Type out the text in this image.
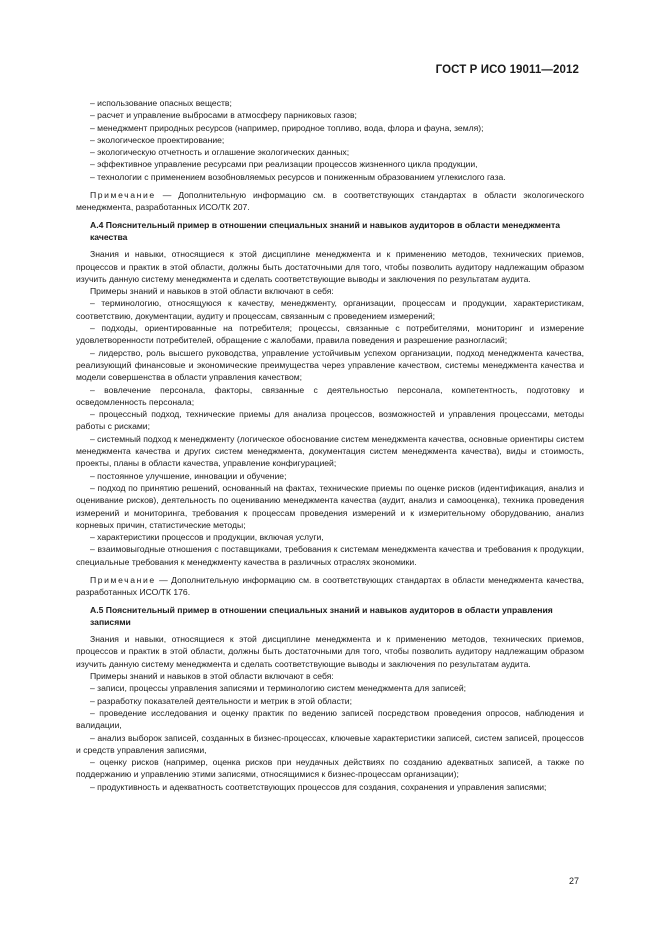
ГОСТ Р ИСО 19011—2012

– использование опасных веществ;

– расчет и управление выбросами в атмосферу парниковых газов;

– менеджмент природных ресурсов (например, природное топливо, вода, флора и фауна, земля);

– экологическое проектирование;

– экологическую отчетность и оглашение экологических данных;

– эффективное управление ресурсами при реализации процессов жизненного цикла продукции,

– технологии с применением возобновляемых ресурсов и пониженным образованием углекислого газа.

Примечание — Дополнительную информацию см. в соответствующих стандартах в области экологического менеджмента, разработанных ИСО/ТК 207.

А.4 Пояснительный пример в отношении специальных знаний и навыков аудиторов в области менеджмента качества

Знания и навыки, относящиеся к этой дисциплине менеджмента и к применению методов, технических приемов, процессов и практик в этой области, должны быть достаточными для того, чтобы позволить аудитору надлежащим образом изучить данную систему менеджмента и сделать соответствующие выводы и заключения по результатам аудита.

Примеры знаний и навыков в этой области включают в себя:

– терминологию, относящуюся к качеству, менеджменту, организации, процессам и продукции, характеристикам, соответствию, документации, аудиту и процессам, связанным с проведением измерений;

– подходы, ориентированные на потребителя; процессы, связанные с потребителями, мониторинг и измерение удовлетворенности потребителей, обращение с жалобами, правила поведения и разрешение разногласий;

– лидерство, роль высшего руководства, управление устойчивым успехом организации, подход менеджмента качества, реализующий финансовые и экономические преимущества через управление качеством, системы менеджмента качества и модели совершенства в области управления качеством;

– вовлечение персонала, факторы, связанные с деятельностью персонала, компетентность, подготовку и осведомленность персонала;

– процессный подход, технические приемы для анализа процессов, возможностей и управления процессами, методы работы с рисками;

– системный подход к менеджменту (логическое обоснование систем менеджмента качества, основные ориентиры систем менеджмента качества и других систем менеджмента, документация систем менеджмента качества), виды и стоимость, проекты, планы в области качества, управление конфигурацией;

– постоянное улучшение, инновации и обучение;

– подход по принятию решений, основанный на фактах, технические приемы по оценке рисков (идентификация, анализ и оценивание рисков), деятельность по оцениванию менеджмента качества (аудит, анализ и самооценка), техника проведения измерений и мониторинга, требования к процессам проведения измерений и к измерительному оборудованию, анализ корневых причин, статистические методы;

– характеристики процессов и продукции, включая услуги,

– взаимовыгодные отношения с поставщиками, требования к системам менеджмента качества и требования к продукции, специальные требования к менеджменту качества в различных отраслях экономики.

Примечание — Дополнительную информацию см. в соответствующих стандартах в области менеджмента качества, разработанных ИСО/ТК 176.

А.5 Пояснительный пример в отношении специальных знаний и навыков аудиторов в области управления записями

Знания и навыки, относящиеся к этой дисциплине менеджмента и к применению методов, технических приемов, процессов и практик в этой области, должны быть достаточными для того, чтобы позволить аудитору надлежащим образом изучить данную систему менеджмента и сделать соответствующие выводы и заключения по результатам аудита.

Примеры знаний и навыков в этой области включают в себя:

– записи, процессы управления записями и терминологию систем менеджмента для записей;

– разработку показателей деятельности и метрик в этой области;

– проведение исследования и оценку практик по ведению записей посредством проведения опросов, наблюдения и валидации,

– анализ выборок записей, созданных в бизнес-процессах, ключевые характеристики записей, систем записей, процессов и средств управления записями,

– оценку рисков (например, оценка рисков при неудачных действиях по созданию адекватных записей, а также по поддержанию и управлению этими записями, относящимися к бизнес-процессам организации);

– продуктивность и адекватность соответствующих процессов для создания, сохранения и управления записями;

27
